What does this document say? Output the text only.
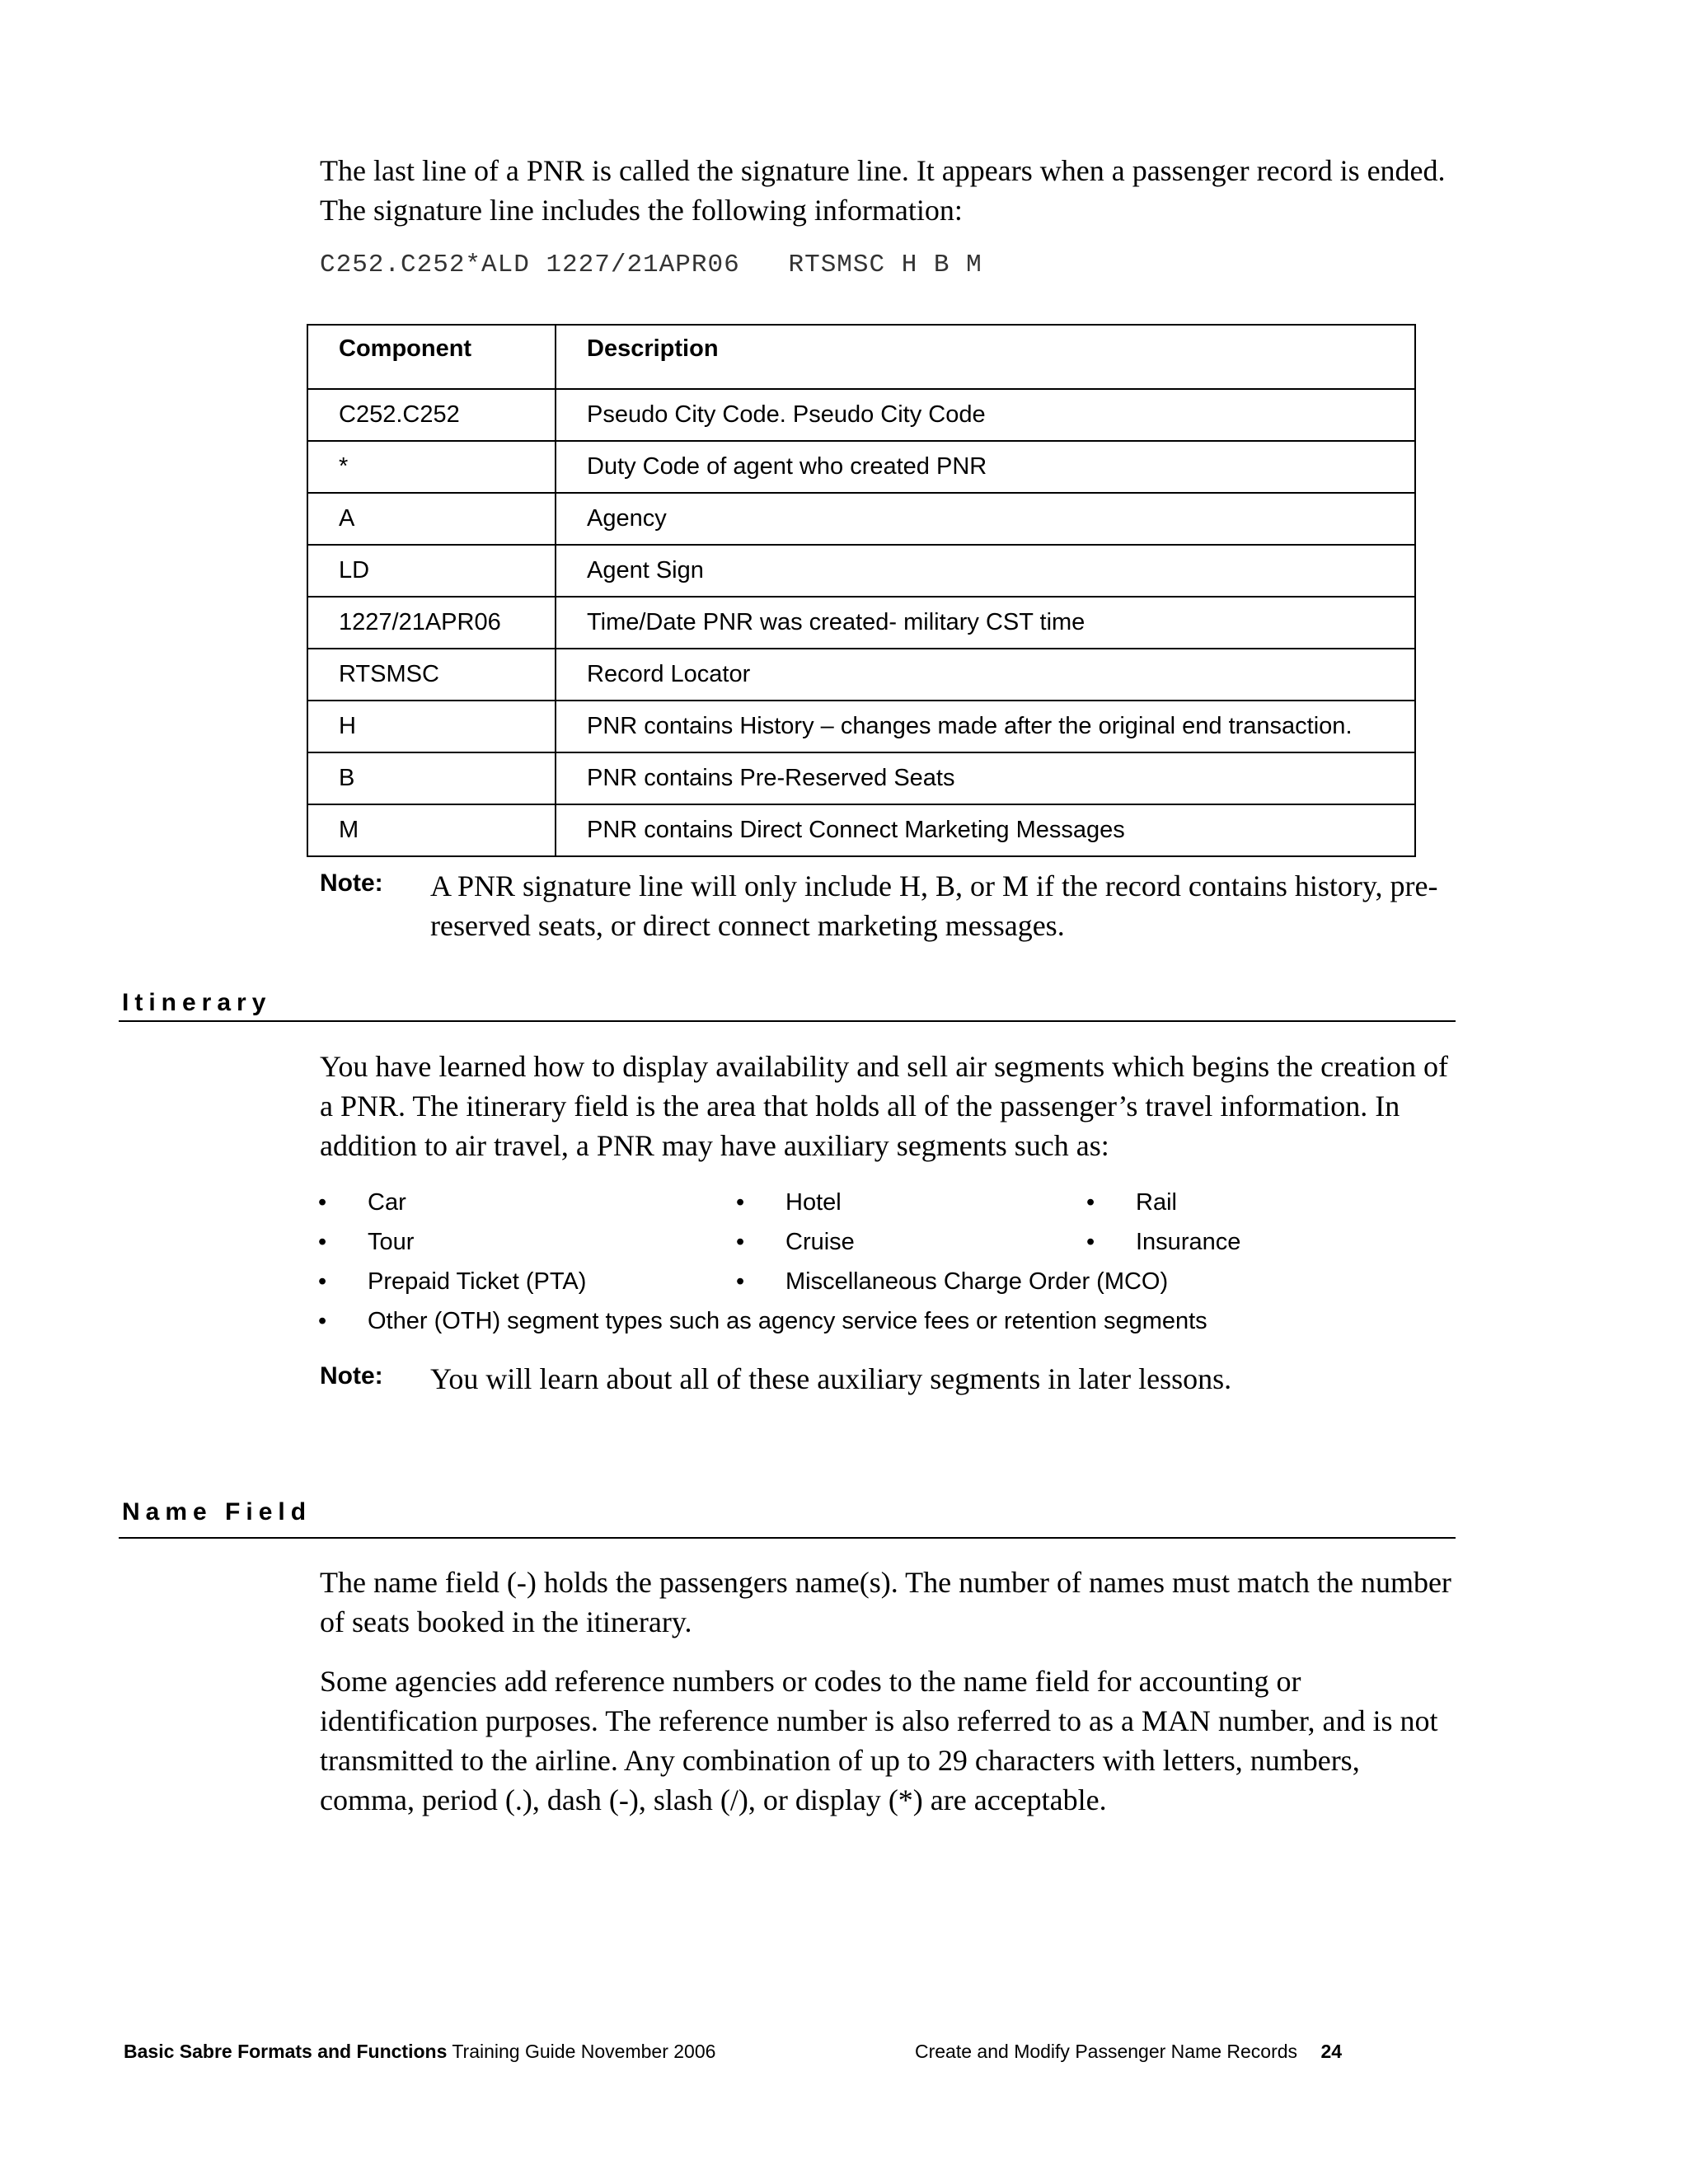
The last line of a PNR is called the signature line. It appears when a passenger record is ended. The signature line includes the following information:

C252.C252*ALD 1227/21APR06   RTSMSC H B M
Component	Description
C252.C252	Pseudo City Code. Pseudo City Code
*	Duty Code of agent who created PNR
A	Agency
LD	Agent Sign
1227/21APR06	Time/Date PNR was created- military CST time
RTSMSC	Record Locator
H	PNR contains History – changes made after the original end transaction.
B	PNR contains Pre-Reserved Seats
M	PNR contains Direct Connect Marketing Messages
Note: A PNR signature line will only include H, B, or M if the record contains history, pre-reserved seats, or direct connect marketing messages.
Itinerary

You have learned how to display availability and sell air segments which begins the creation of a PNR. The itinerary field is the area that holds all of the passenger’s travel information. In addition to air travel, a PNR may have auxiliary segments such as:

• Car	• Hotel	• Rail
• Tour	• Cruise	• Insurance
• Prepaid Ticket (PTA)	• Miscellaneous Charge Order (MCO)
• Other (OTH) segment types such as agency service fees or retention segments
Note: You will learn about all of these auxiliary segments in later lessons.
Name Field

The name field (-) holds the passengers name(s). The number of names must match the number of seats booked in the itinerary.

Some agencies add reference numbers or codes to the name field for accounting or identification purposes. The reference number is also referred to as a MAN number, and is not transmitted to the airline. Any combination of up to 29 characters with letters, numbers, comma, period (.), dash (-), slash (/), or display (*) are acceptable.

Basic Sabre Formats and Functions Training Guide November 2006	Create and Modify Passenger Name Records 24
